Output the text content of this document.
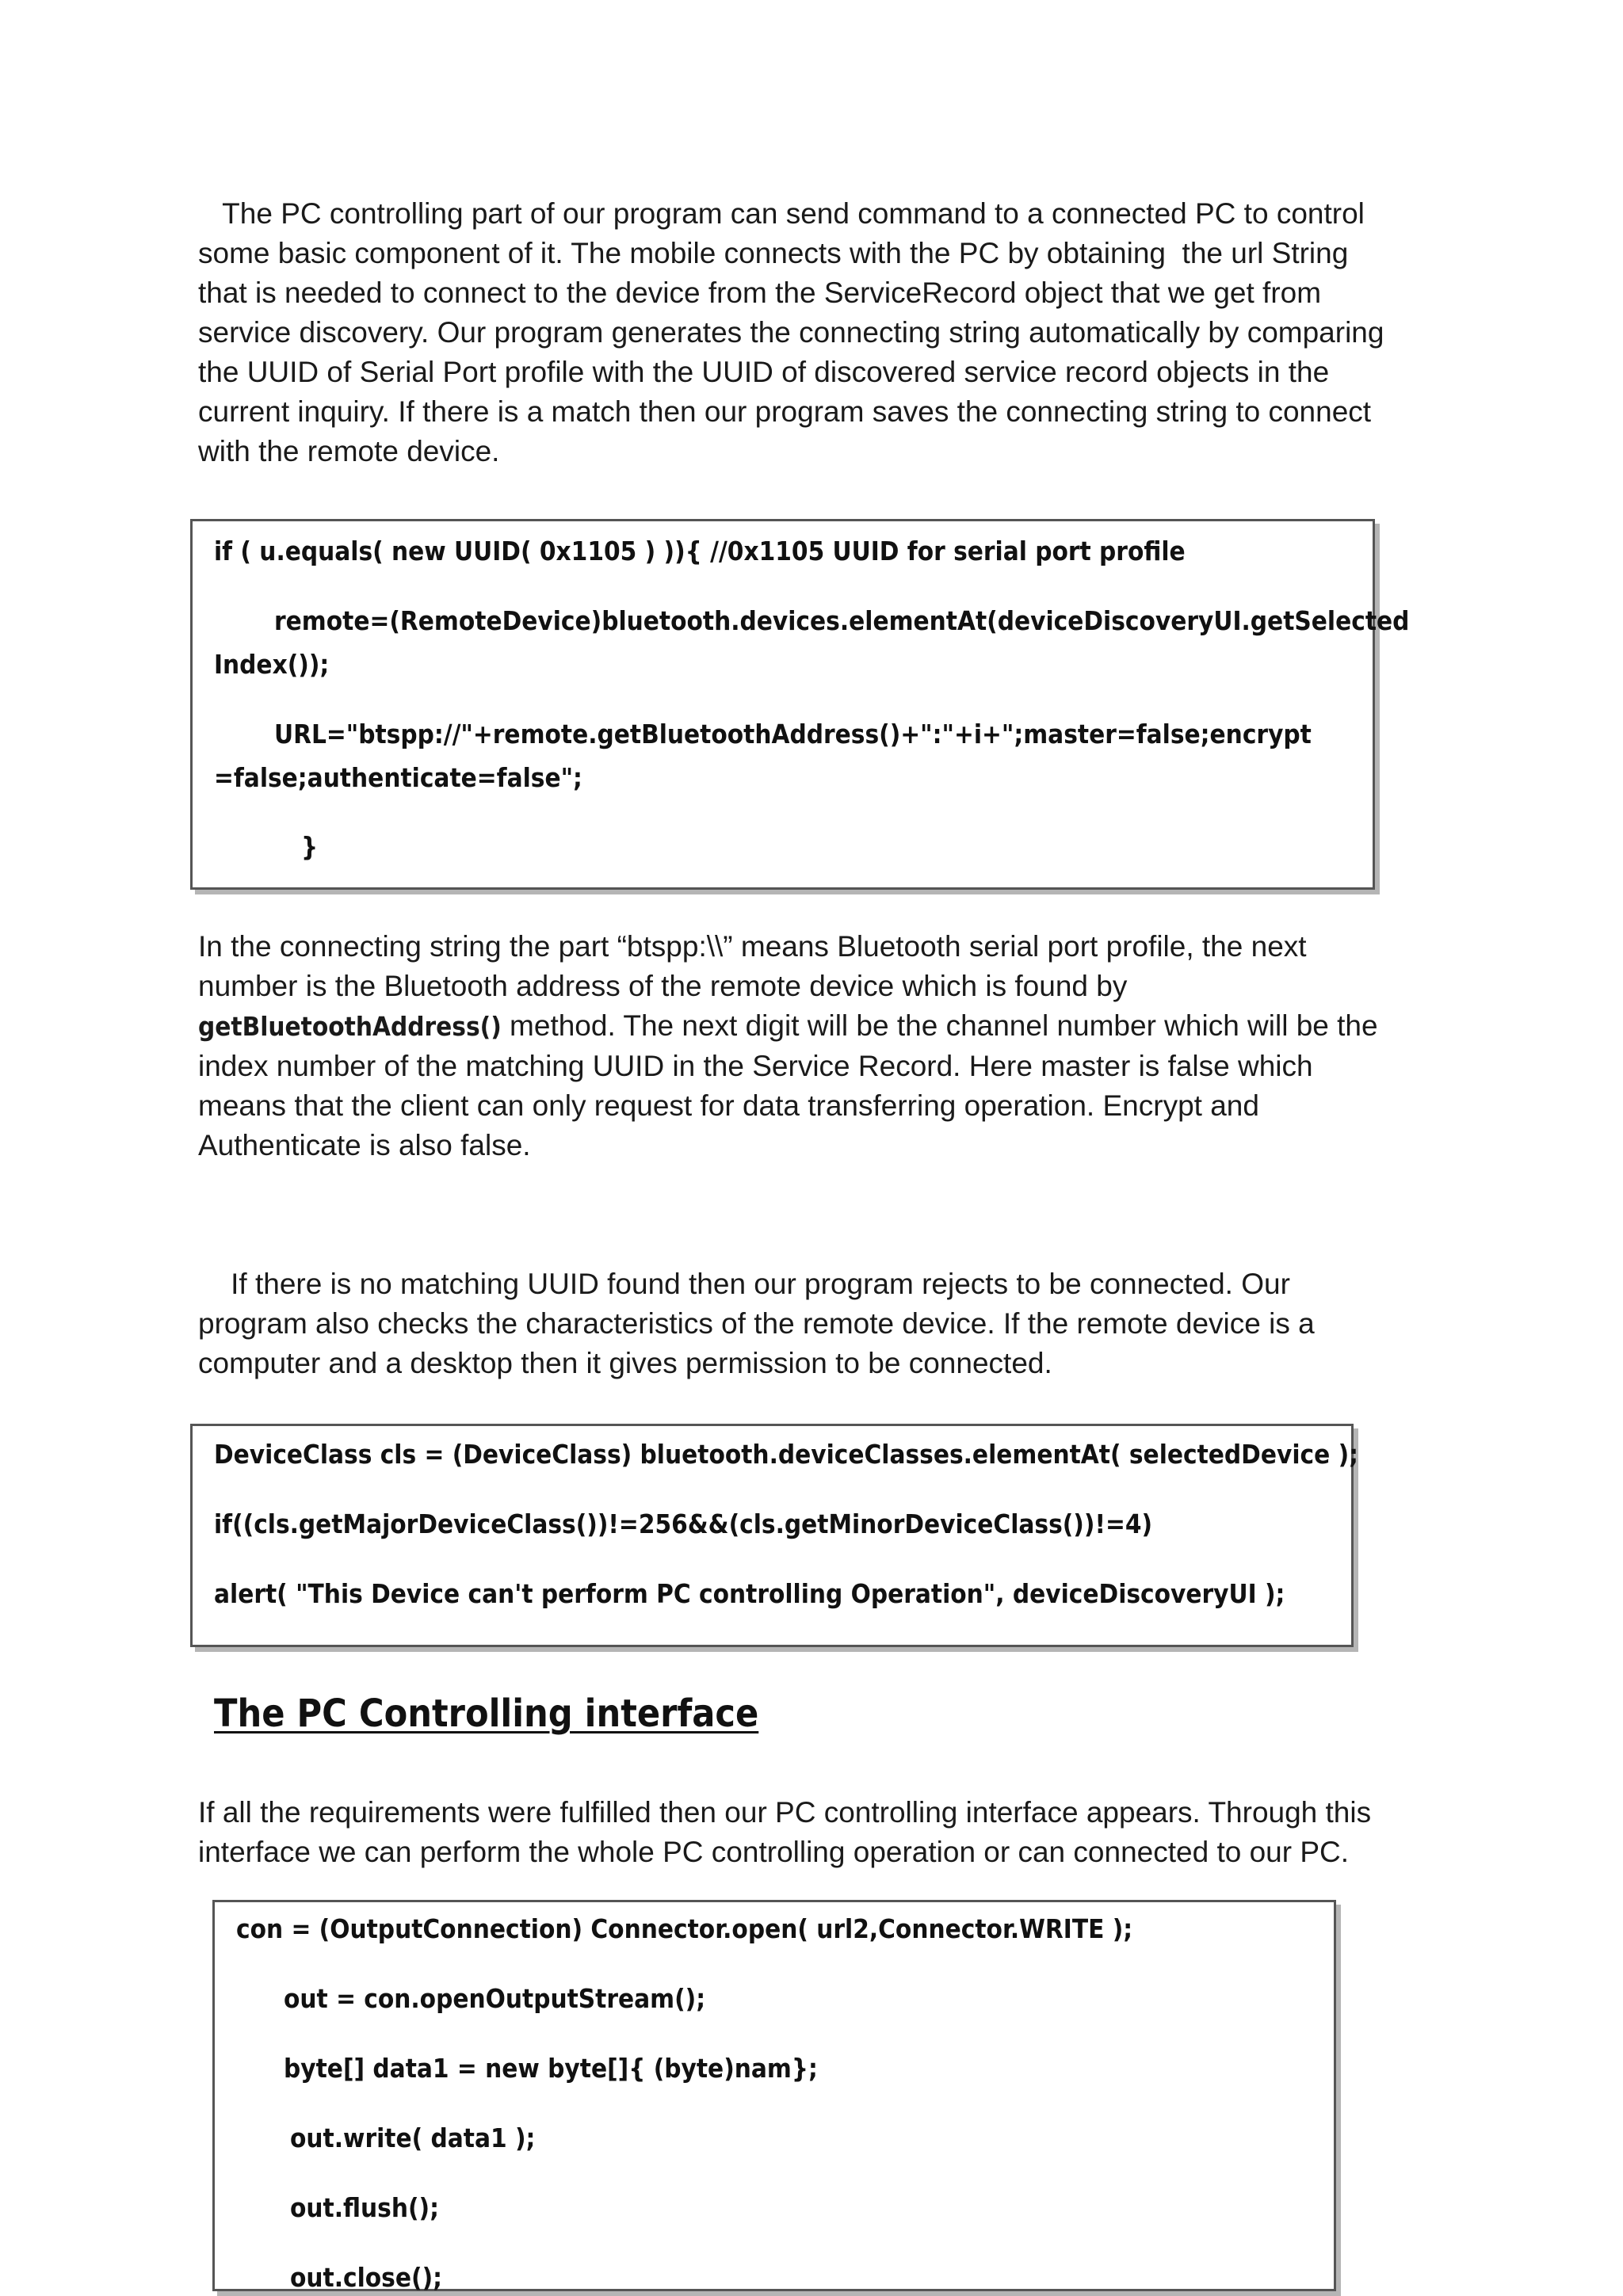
The PC controlling part of our program can send command to a connected PC to control
some basic component of it. The mobile connects with the PC by obtaining  the url String
that is needed to connect to the device from the ServiceRecord object that we get from
service discovery. Our program generates the connecting string automatically by comparing
the UUID of Serial Port profile with the UUID of discovered service record objects in the
current inquiry. If there is a match then our program saves the connecting string to connect
with the remote device.
if ( u.equals( new UUID( 0x1105 ) )){ //0x1105 UUID for serial port profile
remote=(RemoteDevice)bluetooth.devices.elementAt(deviceDiscoveryUI.getSelected
Index());
URL="btspp://"+remote.getBluetoothAddress()+":"+i+";master=false;encrypt
=false;authenticate=false";
}
In the connecting string the part “btspp:\\” means Bluetooth serial port profile, the next
number is the Bluetooth address of the remote device which is found by
getBluetoothAddress() method. The next digit will be the channel number which will be the
index number of the matching UUID in the Service Record. Here master is false which
means that the client can only request for data transferring operation. Encrypt and
Authenticate is also false.
If there is no matching UUID found then our program rejects to be connected. Our
program also checks the characteristics of the remote device. If the remote device is a
computer and a desktop then it gives permission to be connected.
DeviceClass cls = (DeviceClass) bluetooth.deviceClasses.elementAt( selectedDevice );
if((cls.getMajorDeviceClass())!=256&&(cls.getMinorDeviceClass())!=4)
alert( "This Device can't perform PC controlling Operation", deviceDiscoveryUI );
The PC Controlling interface
If all the requirements were fulfilled then our PC controlling interface appears. Through this
interface we can perform the whole PC controlling operation or can connected to our PC.
con = (OutputConnection) Connector.open( url2,Connector.WRITE );
out = con.openOutputStream();
byte[] data1 = new byte[]{ (byte)nam};
out.write( data1 );
out.flush();
out.close();
